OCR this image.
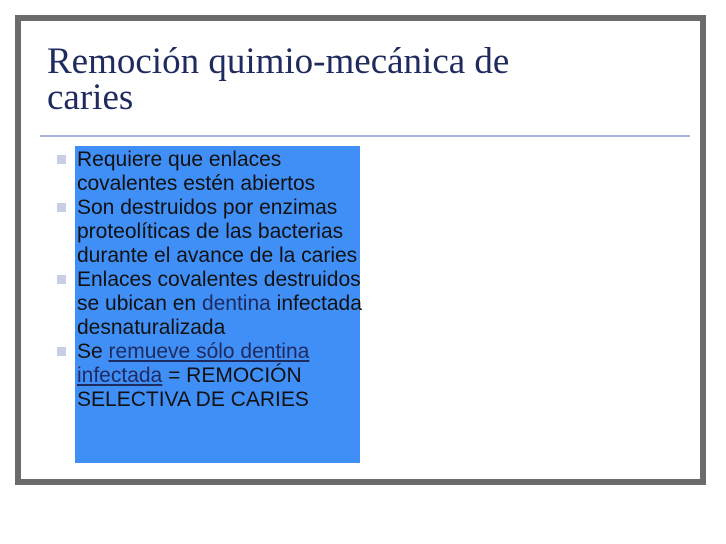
Remoción quimio-mecánica de
caries
Requiere que enlaces covalentes estén abiertos
Son destruidos por enzimas proteolíticas de las bacterias durante el avance de la caries
Enlaces covalentes destruidos se ubican en dentina infectada desnaturalizada
Se remueve sólo dentina infectada = REMOCIÓN SELECTIVA DE CARIES
